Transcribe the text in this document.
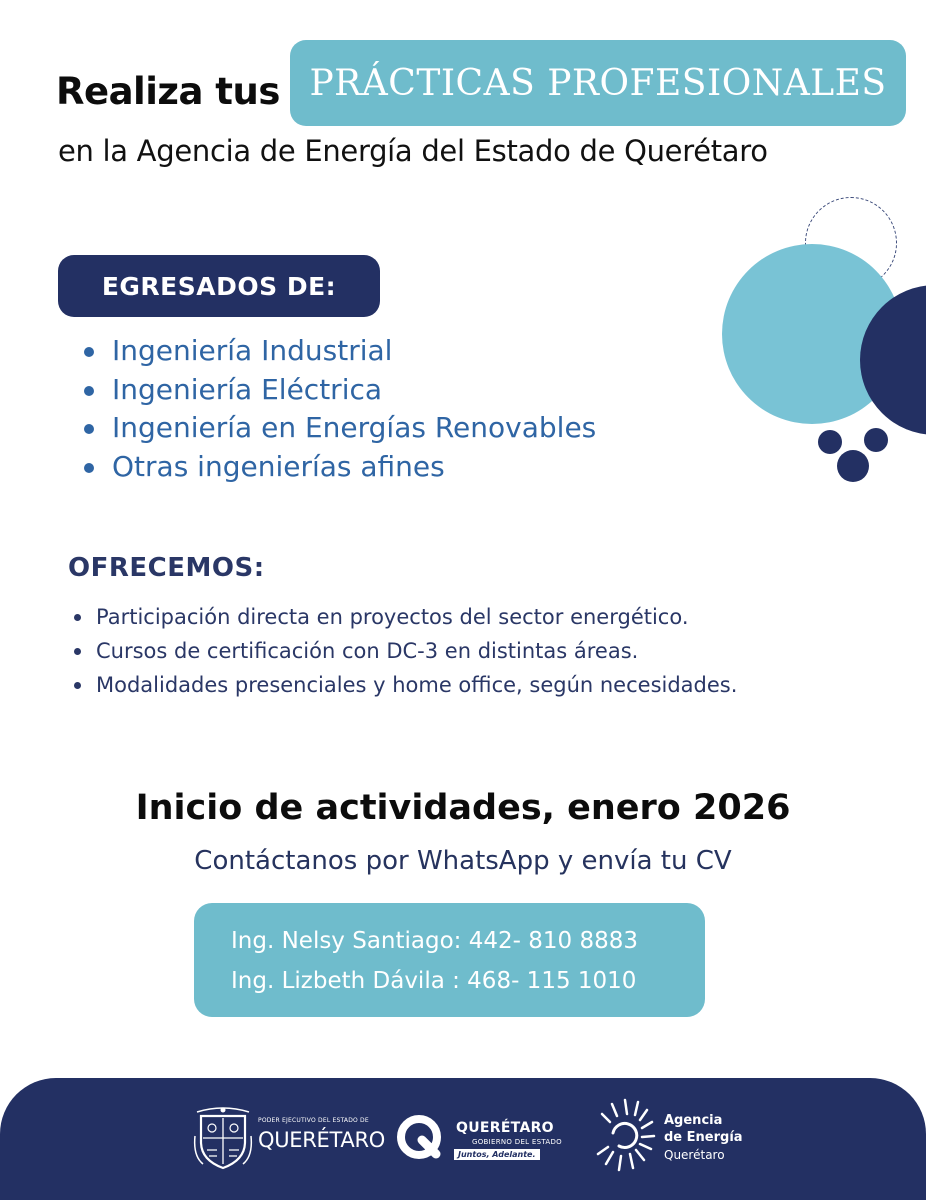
Realiza tus PRÁCTICAS PROFESIONALES
en la Agencia de Energía del Estado de Querétaro
EGRESADOS DE:
Ingeniería Industrial
Ingeniería Eléctrica
Ingeniería en Energías Renovables
Otras ingenierías afines
OFRECEMOS:
Participación directa en proyectos del sector energético.
Cursos de certificación con DC-3 en distintas áreas.
Modalidades presenciales y home office, según necesidades.
Inicio de actividades, enero 2026
Contáctanos por WhatsApp y envía tu CV
Ing. Nelsy Santiago: 442- 810 8883
Ing. Lizbeth Dávila : 468- 115 1010
PODER EJECUTIVO DEL ESTADO DE
QUERÉTARO	QUERÉTARO
GOBIERNO DEL ESTADO
Juntos, Adelante.
Agencia
de Energía
Querétaro
